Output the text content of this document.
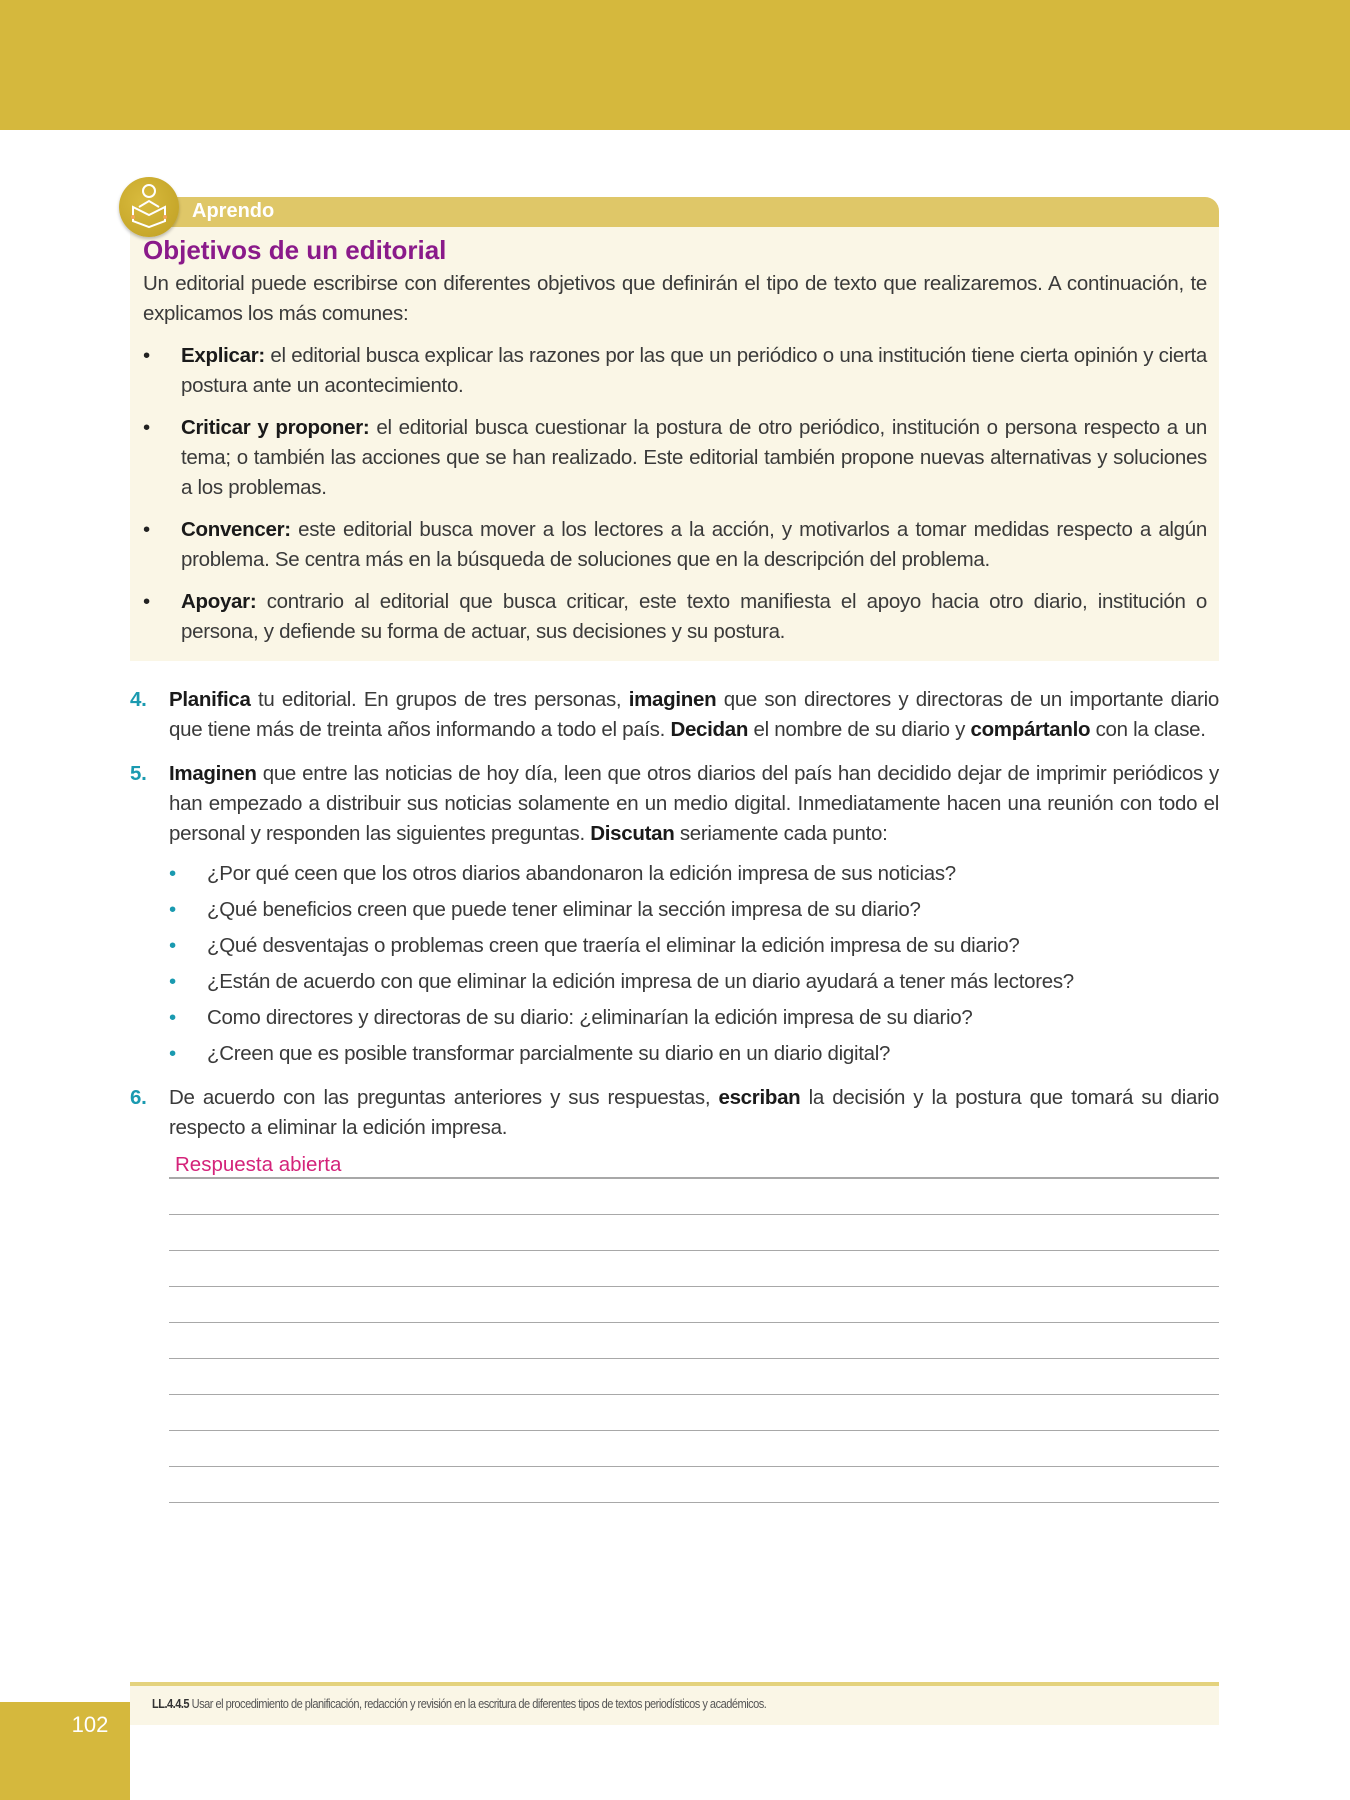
Aprendo
Objetivos de un editorial
Un editorial puede escribirse con diferentes objetivos que definirán el tipo de texto que realizaremos. A continuación, te explicamos los más comunes:
• Explicar: el editorial busca explicar las razones por las que un periódico o una institución tiene cierta opinión y cierta postura ante un acontecimiento.
• Criticar y proponer: el editorial busca cuestionar la postura de otro periódico, institución o persona respecto a un tema; o también las acciones que se han realizado. Este editorial también propone nuevas alternativas y soluciones a los problemas.
• Convencer: este editorial busca mover a los lectores a la acción, y motivarlos a tomar medidas respecto a algún problema. Se centra más en la búsqueda de soluciones que en la descripción del problema.
• Apoyar: contrario al editorial que busca criticar, este texto manifiesta el apoyo hacia otro diario, institución o persona, y defiende su forma de actuar, sus decisiones y su postura.
4. Planifica tu editorial. En grupos de tres personas, imaginen que son directores y directoras de un importante diario que tiene más de treinta años informando a todo el país. Decidan el nombre de su diario y compártanlo con la clase.
5. Imaginen que entre las noticias de hoy día, leen que otros diarios del país han decidido dejar de imprimir periódicos y han empezado a distribuir sus noticias solamente en un medio digital. Inmediatamente hacen una reunión con todo el personal y responden las siguientes preguntas. Discutan seriamente cada punto:
• ¿Por qué ceen que los otros diarios abandonaron la edición impresa de sus noticias?
• ¿Qué beneficios creen que puede tener eliminar la sección impresa de su diario?
• ¿Qué desventajas o problemas creen que traería el eliminar la edición impresa de su diario?
• ¿Están de acuerdo con que eliminar la edición impresa de un diario ayudará a tener más lectores?
• Como directores y directoras de su diario: ¿eliminarían la edición impresa de su diario?
• ¿Creen que es posible transformar parcialmente su diario en un diario digital?
6. De acuerdo con las preguntas anteriores y sus respuestas, escriban la decisión y la postura que tomará su diario respecto a eliminar la edición impresa.
Respuesta abierta
LL.4.4.5 Usar el procedimiento de planificación, redacción y revisión en la escritura de diferentes tipos de textos periodísticos y académicos.
102
